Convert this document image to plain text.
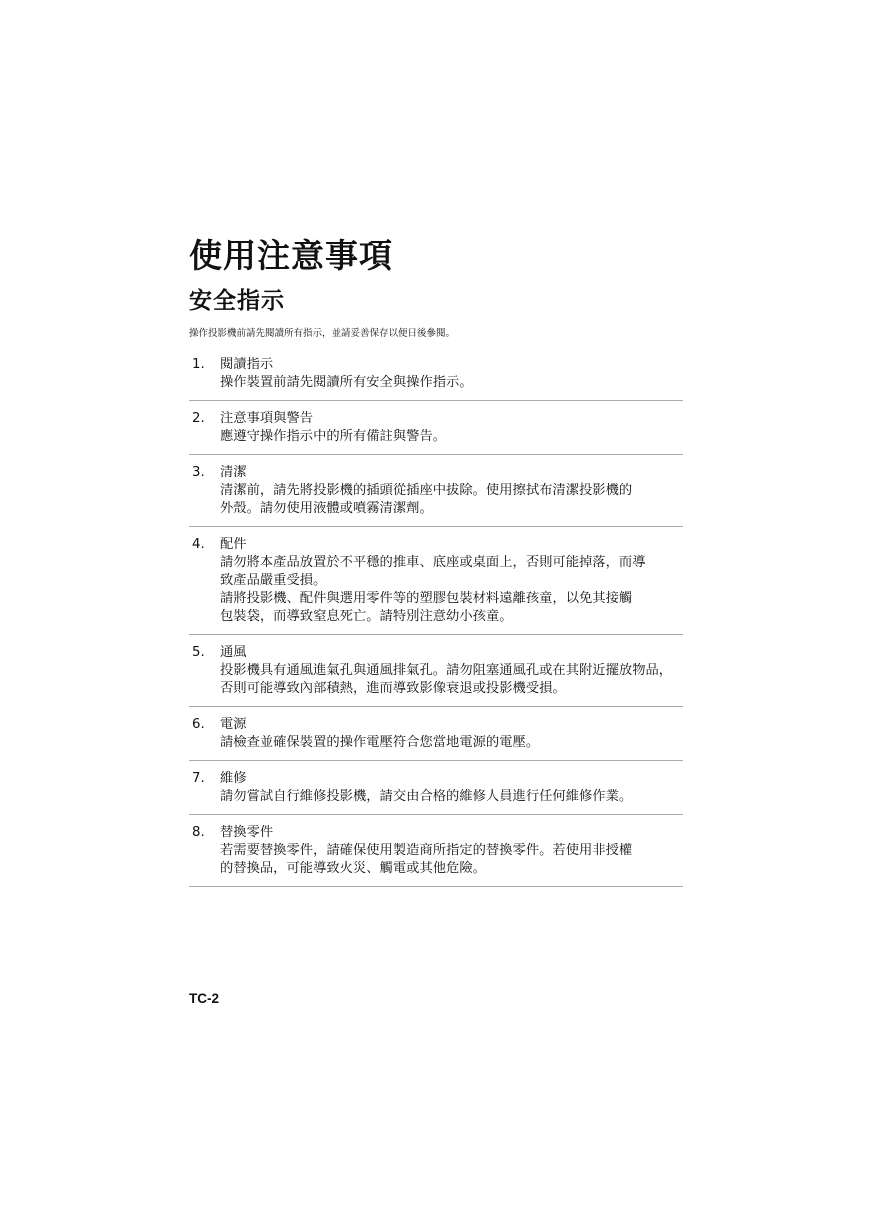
使用注意事項
安全指示

操作投影機前請先閱讀所有指示，並請妥善保存以便日後參閱。

1.	閱讀指示
操作裝置前請先閱讀所有安全與操作指示。
2.	注意事項與警告
應遵守操作指示中的所有備註與警告。
3.	清潔
清潔前，請先將投影機的插頭從插座中拔除。使用擦拭布清潔投影機的
外殼。請勿使用液體或噴霧清潔劑。
4.	配件
請勿將本產品放置於不平穩的推車、底座或桌面上，否則可能掉落，而導
致產品嚴重受損。
請將投影機、配件與選用零件等的塑膠包裝材料遠離孩童，以免其接觸
包裝袋，而導致窒息死亡。請特別注意幼小孩童。
5.	通風
投影機具有通風進氣孔與通風排氣孔。請勿阻塞通風孔或在其附近擺放物品，
否則可能導致內部積熱，進而導致影像衰退或投影機受損。
6.	電源
請檢查並確保裝置的操作電壓符合您當地電源的電壓。
7.	維修
請勿嘗試自行維修投影機，請交由合格的維修人員進行任何維修作業。
8.	替換零件
若需要替換零件，請確保使用製造商所指定的替換零件。若使用非授權
的替換品，可能導致火災、觸電或其他危險。

TC-2
